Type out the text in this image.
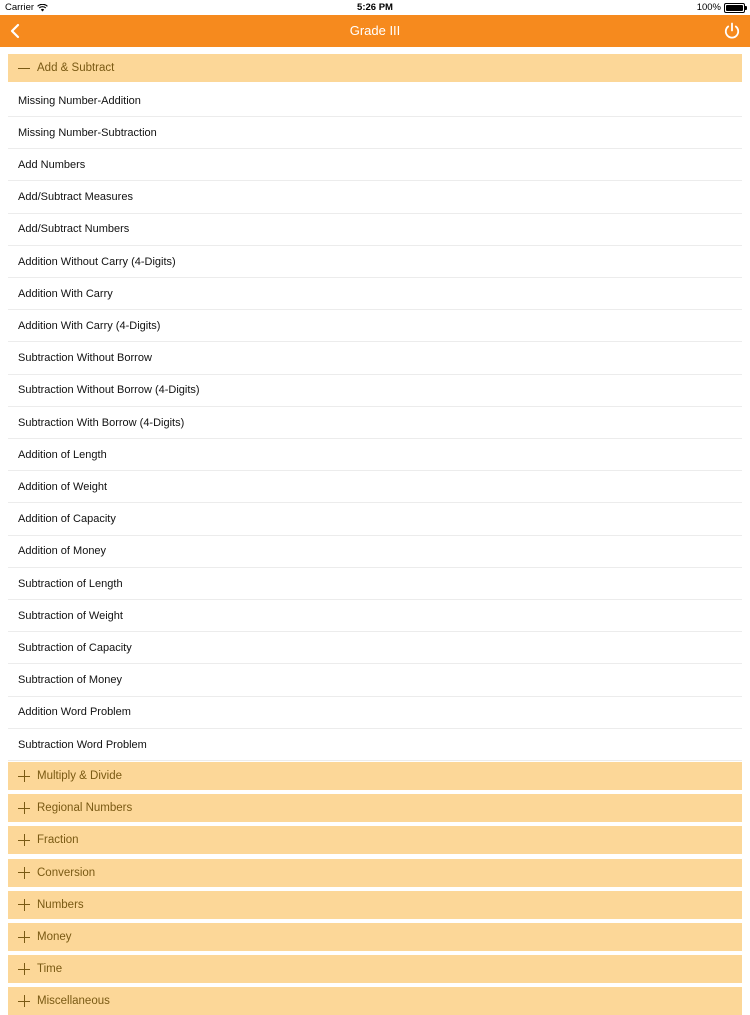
Carrier	5:26 PM	100%
Grade III
Add & Subtract
Missing Number-Addition
Missing Number-Subtraction
Add Numbers
Add/Subtract Measures
Add/Subtract Numbers
Addition Without Carry (4-Digits)
Addition With Carry
Addition With Carry (4-Digits)
Subtraction Without Borrow
Subtraction Without Borrow (4-Digits)
Subtraction With Borrow (4-Digits)
Addition of Length
Addition of Weight
Addition of Capacity
Addition of Money
Subtraction of Length
Subtraction of Weight
Subtraction of Capacity
Subtraction of Money
Addition Word Problem
Subtraction Word Problem
Multiply & Divide
Regional Numbers
Fraction
Conversion
Numbers
Money
Time
Miscellaneous
